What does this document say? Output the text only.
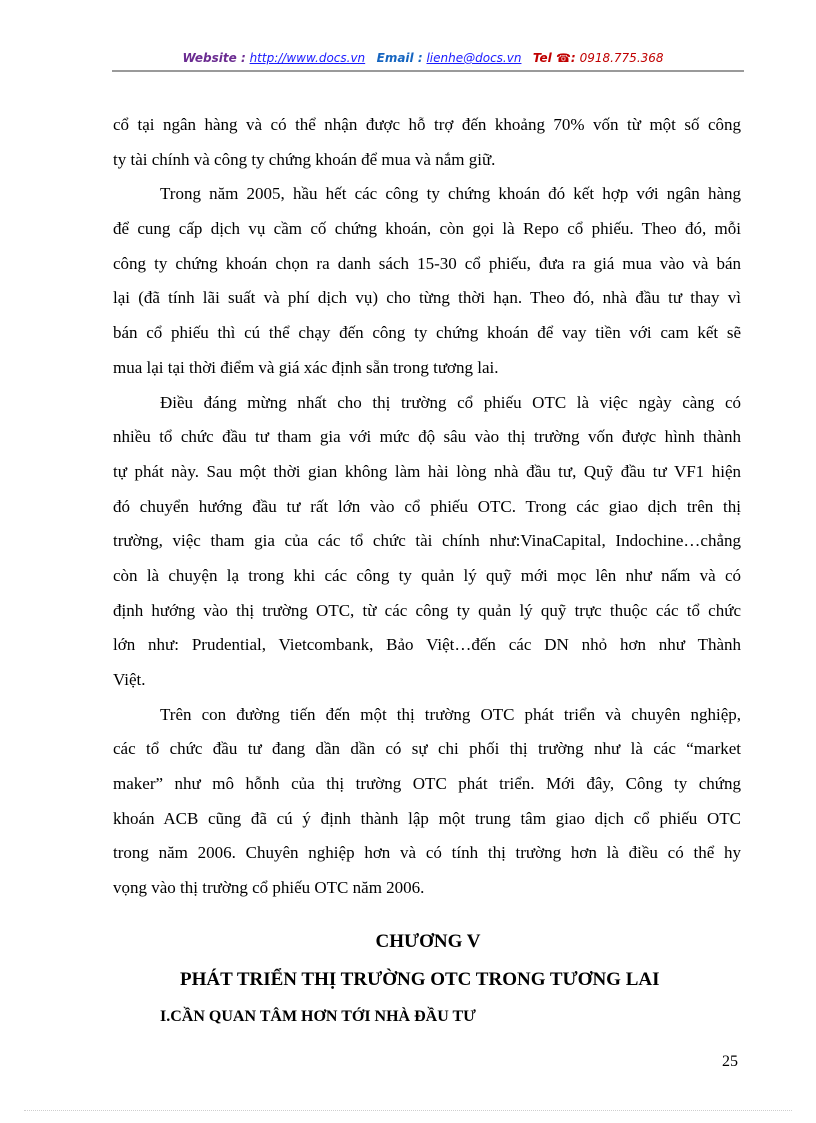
Website : http://www.docs.vn Email : lienhe@docs.vn Tel ☎: 0918.775.368
cổ tại ngân hàng và có thể nhận được hỗ trợ đến khoảng 70% vốn từ một số công
ty tài chính và công ty chứng khoán để mua và nắm giữ.
Trong năm 2005, hầu hết các công ty chứng khoán đó kết hợp với ngân hàng
để cung cấp dịch vụ cầm cố chứng khoán, còn gọi là Repo cổ phiếu. Theo đó, mỗi
công ty chứng khoán chọn ra danh sách 15-30 cổ phiếu, đưa ra giá mua vào và bán
lại (đã tính lãi suất và phí dịch vụ) cho từng thời hạn. Theo đó, nhà đầu tư thay vì
bán cổ phiếu thì cú thể chạy đến công ty chứng khoán để vay tiền với cam kết sẽ
mua lại tại thời điểm và giá xác định sẵn trong tương lai.
Điều đáng mừng nhất cho thị trường cổ phiếu OTC là việc ngày càng có
nhiều tổ chức đầu tư tham gia với mức độ sâu vào thị trường vốn được hình thành
tự phát này. Sau một thời gian không làm hài lòng nhà đầu tư, Quỹ đầu tư VF1 hiện
đó chuyển hướng đầu tư rất lớn vào cổ phiếu OTC. Trong các giao dịch trên thị
trường, việc tham gia của các tổ chức tài chính như:VinaCapital, Indochine…chẳng
còn là chuyện lạ trong khi các công ty quản lý quỹ mới mọc lên như nấm và có
định hướng vào thị trường OTC, từ các công ty quản lý quỹ trực thuộc các tổ chức
lớn như: Prudential, Vietcombank, Bảo Việt…đến các DN nhỏ hơn như Thành
Việt.
Trên con đường tiến đến một thị trường OTC phát triển và chuyên nghiệp,
các tổ chức đầu tư đang dần dần có sự chi phối thị trường như là các “market
maker” như mô hỗnh của thị trường OTC phát triển. Mới đây, Công ty chứng
khoán ACB cũng đã cú ý định thành lập một trung tâm giao dịch cổ phiếu OTC
trong năm 2006. Chuyên nghiệp hơn và có tính thị trường hơn là điều có thể hy
vọng vào thị trường cổ phiếu OTC năm 2006.
CHƯƠNG V
PHÁT TRIỂN THỊ TRƯỜNG OTC TRONG TƯƠNG LAI
I.CẦN QUAN TÂM HƠN TỚI NHÀ ĐẦU TƯ
25
